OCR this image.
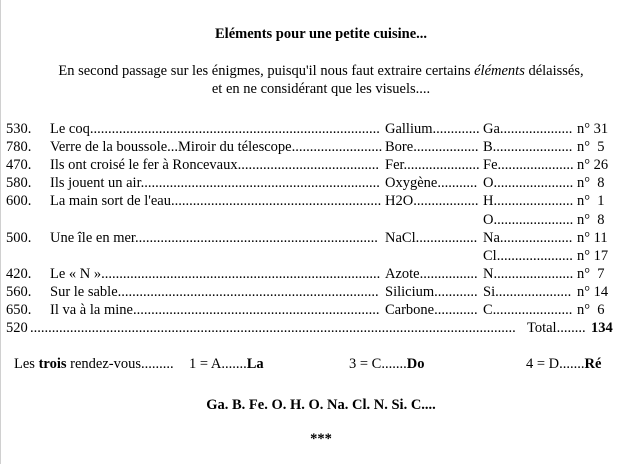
Eléments pour une petite cuisine...

En second passage sur les énigmes, puisqu'il nous faut extraire certains éléments délaissés,

et en ne considérant que les visuels....

530. Le coq................................................................................ Gallium............. Ga.................... n° 31
780. Verre de la boussole...Miroir du télescope......................... Bore.................. B...................... n°  5
470. Ils ont croisé le fer à Roncevaux....................................... Fer..................... Fe..................... n° 26
580. Ils jouent un air.................................................................. Oxygène........... O...................... n°  8
600. La main sort de l'eau.......................................................... H2O.................. H...................... n°  1
O...................... n°  8
500. Une île en mer................................................................... NaCl................. Na.................... n° 11
Cl..................... n° 17
420. Le « N »............................................................................. Azote................ N...................... n°  7
560. Sur le sable........................................................................ Silicium............ Si..................... n° 14
650. Il va à la mine.................................................................... Carbone............ C...................... n°  6
520 ...................................................................................................................................... Total........ 134
Les trois rendez-vous......... 1 = A.......La	3 = C.......Do	4 = D.......Ré
Ga. B. Fe. O. H. O. Na. Cl. N. Si. C....
***
